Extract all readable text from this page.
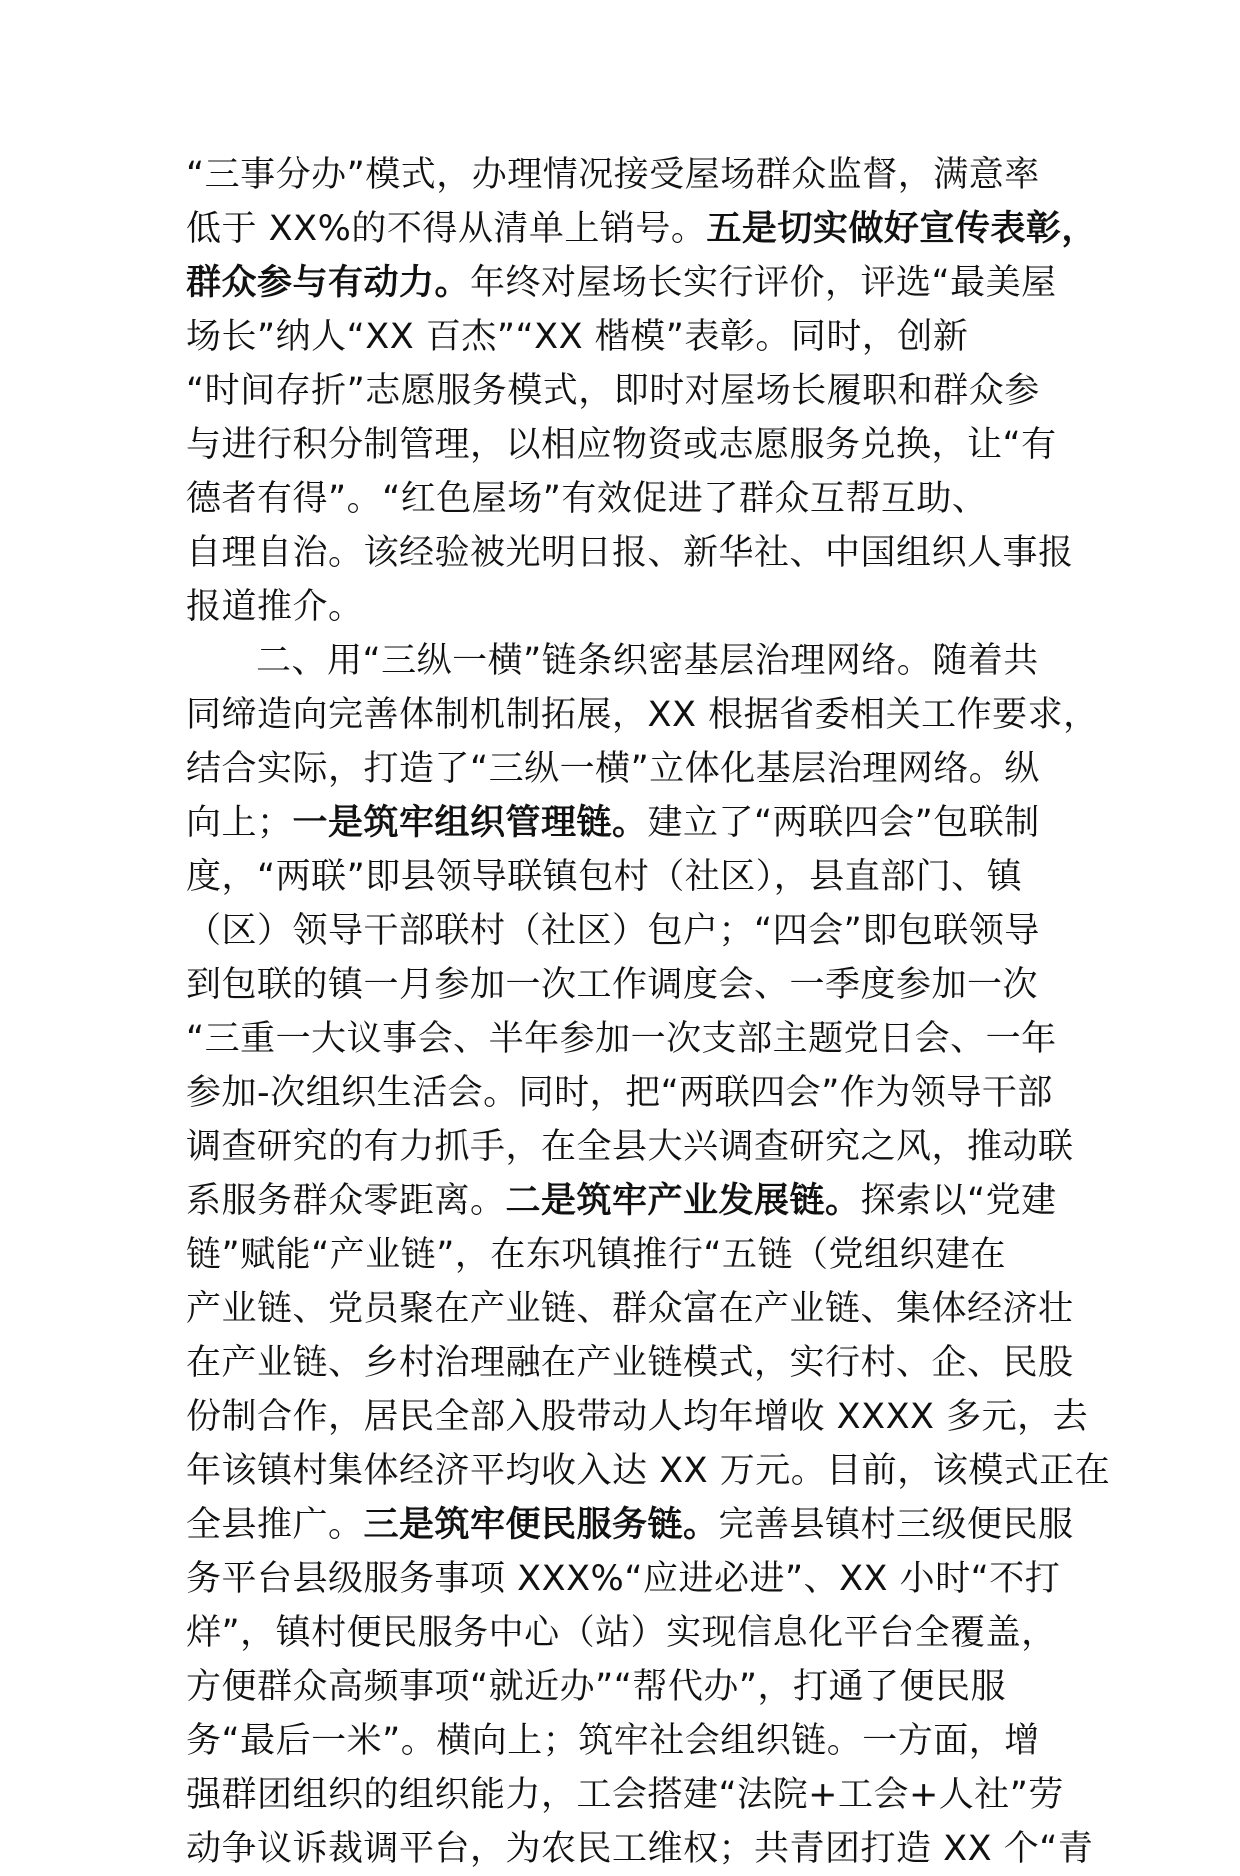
“三事分办”模式，办理情况接受屋场群众监督，满意率
低于 XX%的不得从清单上销号。五是切实做好宣传表彰，
群众参与有动力。年终对屋场长实行评价，评选“最美屋
场长”纳人“XX 百杰”“XX 楷模”表彰。同时，创新
“时间存折”志愿服务模式，即时对屋场长履职和群众参
与进行积分制管理，以相应物资或志愿服务兑换，让“有
德者有得”。“红色屋场”有效促进了群众互帮互助、
自理自治。该经验被光明日报、新华社、中国组织人事报
报道推介。
二、用“三纵一横”链条织密基层治理网络。随着共
同缔造向完善体制机制拓展，XX 根据省委相关工作要求，
结合实际，打造了“三纵一横”立体化基层治理网络。纵
向上；一是筑牢组织管理链。建立了“两联四会”包联制
度，“两联”即县领导联镇包村（社区），县直部门、镇
（区）领导干部联村（社区）包户；“四会”即包联领导
到包联的镇一月参加一次工作调度会、一季度参加一次
“三重一大议事会、半年参加一次支部主题党日会、一年
参加-次组织生活会。同时，把“两联四会”作为领导干部
调查研究的有力抓手，在全县大兴调查研究之风，推动联
系服务群众零距离。二是筑牢产业发展链。探索以“党建
链”赋能“产业链”，在东巩镇推行“五链（党组织建在
产业链、党员聚在产业链、群众富在产业链、集体经济壮
在产业链、乡村治理融在产业链模式，实行村、企、民股
份制合作，居民全部入股带动人均年增收 XXXX 多元，去
年该镇村集体经济平均收入达 XX 万元。目前，该模式正在
全县推广。三是筑牢便民服务链。完善县镇村三级便民服
务平台县级服务事项 XXX%“应进必进”、XX 小时“不打
烊”，镇村便民服务中心（站）实现信息化平台全覆盖，
方便群众高频事项“就近办”“帮代办”，打通了便民服
务“最后一米”。横向上；筑牢社会组织链。一方面，增
强群团组织的组织能力，工会搭建“法院+工会+人社”劳
动争议诉裁调平台，为农民工维权；共青团打造 XX 个“青
